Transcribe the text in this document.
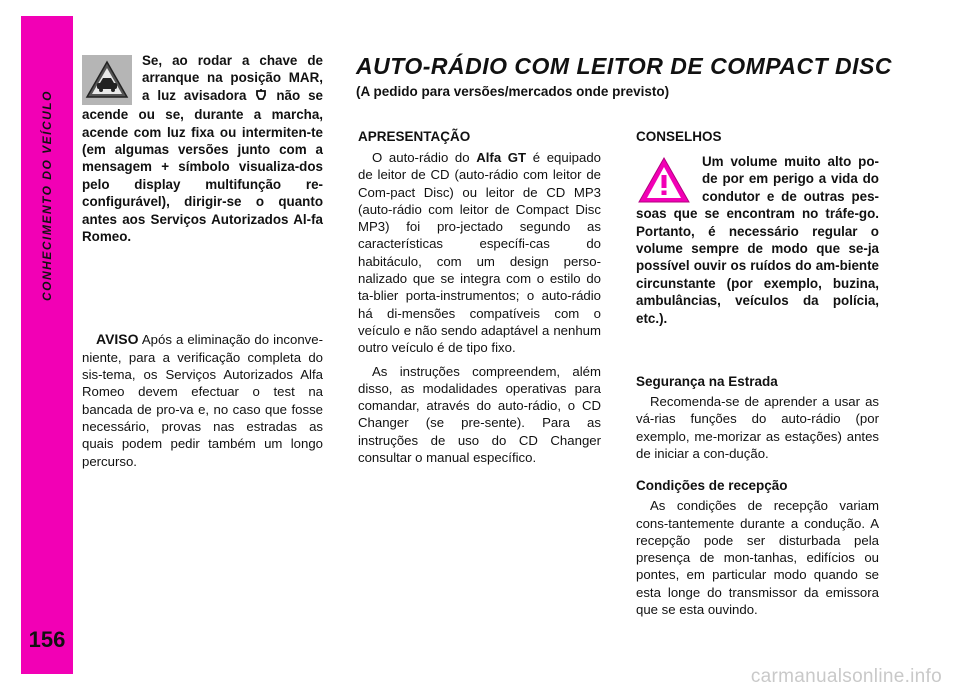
CONHECIMENTO DO VEÍCULO
156

Se, ao rodar a chave de
arranque na posição MAR,
a luz avisadora não se

acende ou se, durante a marcha, acende com luz fixa ou intermiten-te (em algumas versões junto com a mensagem + símbolo visualiza-dos pelo display multifunção re-configurável), dirigir-se o quanto antes aos Serviços Autorizados Al-fa Romeo.

AVISO Após a eliminação do inconve-niente, para a verificação completa do sis-tema, os Serviços Autorizados Alfa Romeo devem efectuar o test na bancada de pro-va e, no caso que fosse necessário, provas nas estradas as quais podem pedir também um longo percurso.

AUTO-RÁDIO COM LEITOR DE COMPACT DISC
(A pedido para versões/mercados onde previsto)
APRESENTAÇÃO

O auto-rádio do Alfa GT é equipado de leitor de CD (auto-rádio com leitor de Com-pact Disc) ou leitor de CD MP3 (auto-rádio com leitor de Compact Disc MP3) foi pro-jectado segundo as características específi-cas do habitáculo, com um design perso-nalizado que se integra com o estilo do ta-blier porta-instrumentos; o auto-rádio há di-mensões compatíveis com o veículo e não sendo adaptável a nenhum outro veículo é de tipo fixo.

As instruções compreendem, além disso, as modalidades operativas para comandar, através do auto-rádio, o CD Changer (se pre-sente). Para as instruções de uso do CD Changer consultar o manual específico.

CONSELHOS

Um volume muito alto po-
de por em perigo a vida do
condutor e de outras pes-

soas que se encontram no tráfe-go. Portanto, é necessário regular o volume sempre de modo que se-ja possível ouvir os ruídos do am-biente circunstante (por exemplo, buzina, ambulâncias, veículos da polícia, etc.).

Segurança na Estrada

Recomenda-se de aprender a usar as vá-rias funções do auto-rádio (por exemplo, me-morizar as estações) antes de iniciar a con-dução.

Condições de recepção

As condições de recepção variam cons-tantemente durante a condução. A recepção pode ser disturbada pela presença de mon-tanhas, edifícios ou pontes, em particular modo quando se esta longe do transmissor da emissora que se esta ouvindo.

carmanualsonline.info
